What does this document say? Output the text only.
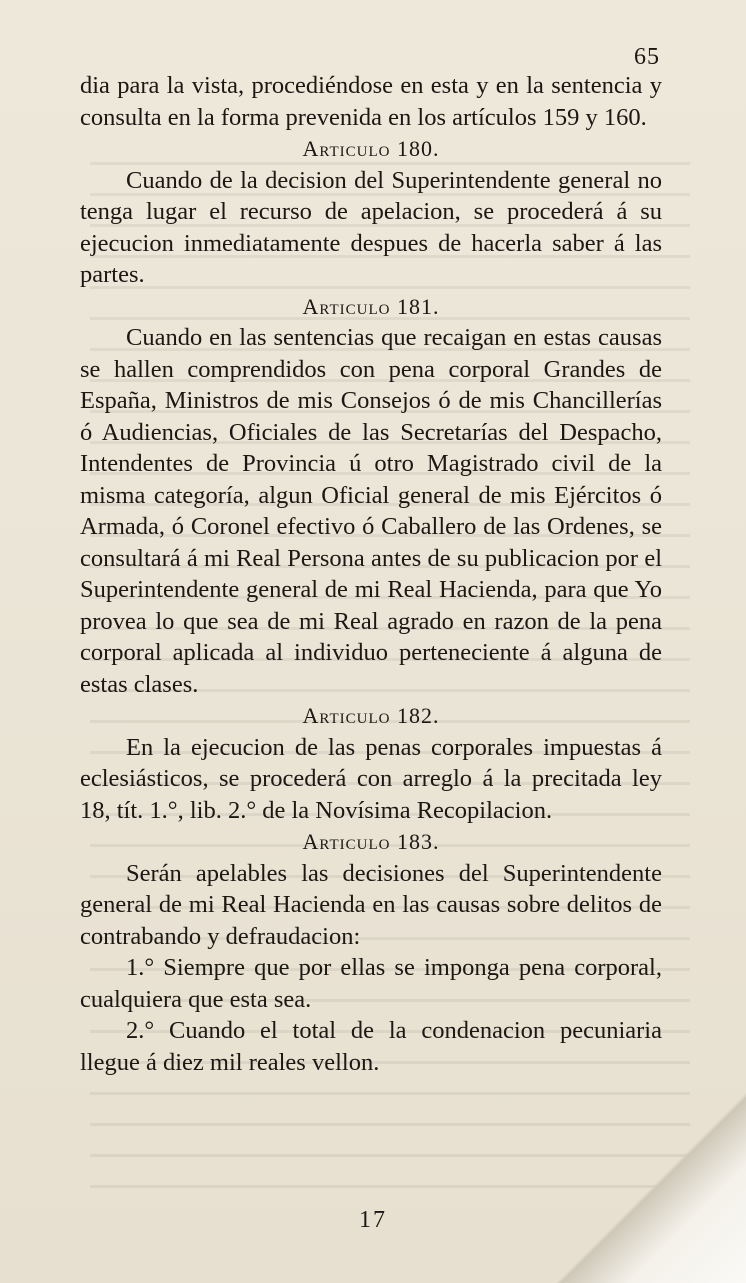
65

dia para la vista, procediéndose en esta y en la sentencia y consulta en la forma prevenida en los artículos 159 y 160.

Articulo 180.

Cuando de la decision del Superintendente general no tenga lugar el recurso de apelacion, se procederá á su ejecucion inmediatamente despues de hacerla saber á las partes.

Articulo 181.

Cuando en las sentencias que recaigan en estas causas se hallen comprendidos con pena corporal Grandes de España, Ministros de mis Consejos ó de mis Chancillerías ó Audiencias, Oficiales de las Secretarías del Despacho, Intendentes de Provincia ú otro Magistrado civil de la misma categoría, algun Oficial general de mis Ejércitos ó Armada, ó Coronel efectivo ó Caballero de las Ordenes, se consultará á mi Real Persona antes de su publicacion por el Superintendente general de mi Real Hacienda, para que Yo provea lo que sea de mi Real agrado en razon de la pena corporal aplicada al individuo perteneciente á alguna de estas clases.

Articulo 182.

En la ejecucion de las penas corporales impuestas á eclesiásticos, se procederá con arreglo á la precitada ley 18, tít. 1.°, lib. 2.° de la Novísima Recopilacion.

Articulo 183.

Serán apelables las decisiones del Superintendente general de mi Real Hacienda en las causas sobre delitos de contrabando y defraudacion:

1.° Siempre que por ellas se imponga pena corporal, cualquiera que esta sea.

2.° Cuando el total de la condenacion pecuniaria llegue á diez mil reales vellon.

17
